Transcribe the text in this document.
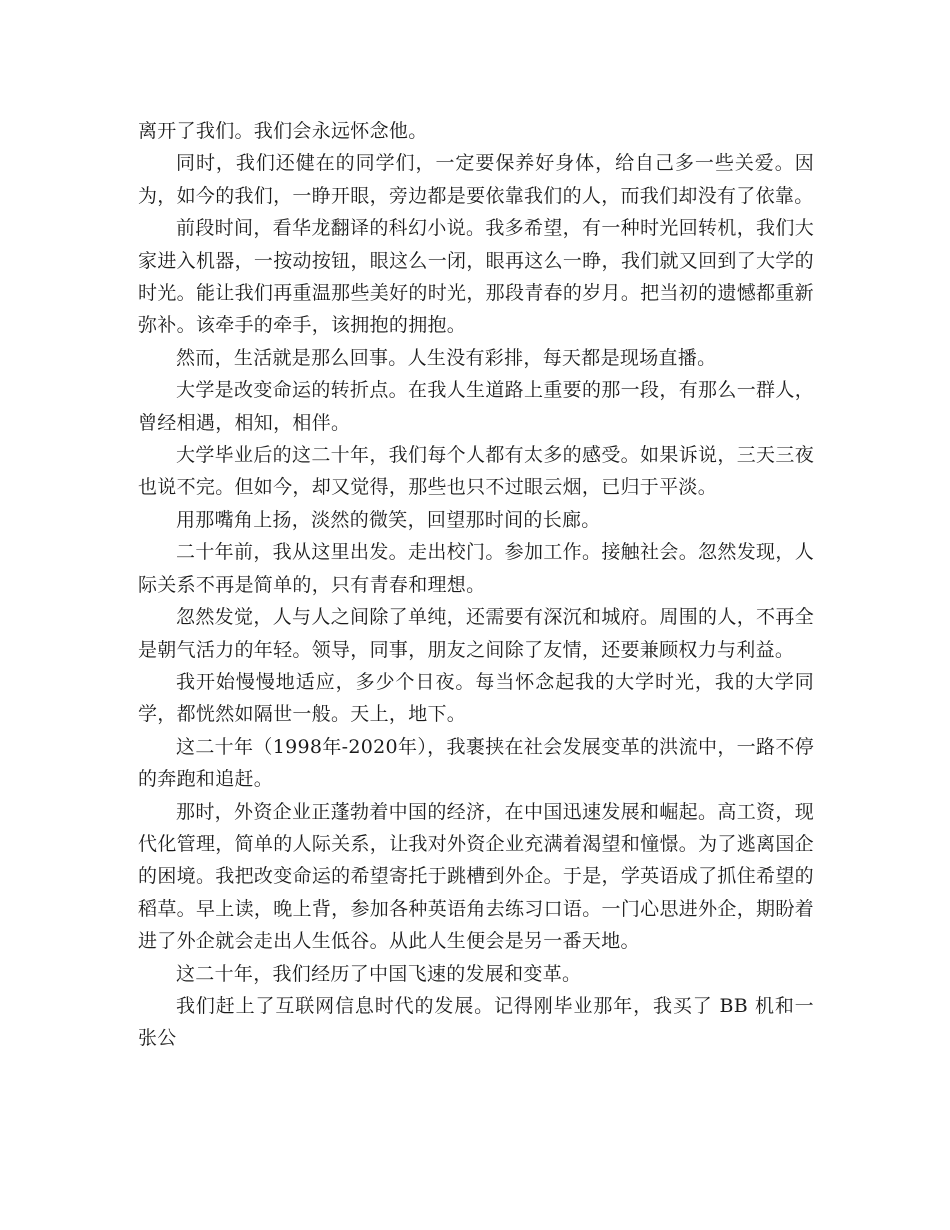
离开了我们。我们会永远怀念他。

同时，我们还健在的同学们，一定要保养好身体，给自己多一些关爱。因为，如今的我们，一睁开眼，旁边都是要依靠我们的人，而我们却没有了依靠。

前段时间，看华龙翻译的科幻小说。我多希望，有一种时光回转机，我们大家进入机器，一按动按钮，眼这么一闭，眼再这么一睁，我们就又回到了大学的时光。能让我们再重温那些美好的时光，那段青春的岁月。把当初的遗憾都重新弥补。该牵手的牵手，该拥抱的拥抱。

然而，生活就是那么回事。人生没有彩排，每天都是现场直播。

大学是改变命运的转折点。在我人生道路上重要的那一段，有那么一群人，曾经相遇，相知，相伴。

大学毕业后的这二十年，我们每个人都有太多的感受。如果诉说，三天三夜也说不完。但如今，却又觉得，那些也只不过眼云烟，已归于平淡。

用那嘴角上扬，淡然的微笑，回望那时间的长廊。

二十年前，我从这里出发。走出校门。参加工作。接触社会。忽然发现，人际关系不再是简单的，只有青春和理想。

忽然发觉，人与人之间除了单纯，还需要有深沉和城府。周围的人，不再全是朝气活力的年轻。领导，同事，朋友之间除了友情，还要兼顾权力与利益。

我开始慢慢地适应，多少个日夜。每当怀念起我的大学时光，我的大学同学，都恍然如隔世一般。天上，地下。

这二十年（1998年-2020年），我裹挟在社会发展变革的洪流中，一路不停的奔跑和追赶。

那时，外资企业正蓬勃着中国的经济，在中国迅速发展和崛起。高工资，现代化管理，简单的人际关系，让我对外资企业充满着渴望和憧憬。为了逃离国企的困境。我把改变命运的希望寄托于跳槽到外企。于是，学英语成了抓住希望的稻草。早上读，晚上背，参加各种英语角去练习口语。一门心思进外企，期盼着进了外企就会走出人生低谷。从此人生便会是另一番天地。

这二十年，我们经历了中国飞速的发展和变革。

我们赶上了互联网信息时代的发展。记得刚毕业那年，我买了 BB 机和一张公
